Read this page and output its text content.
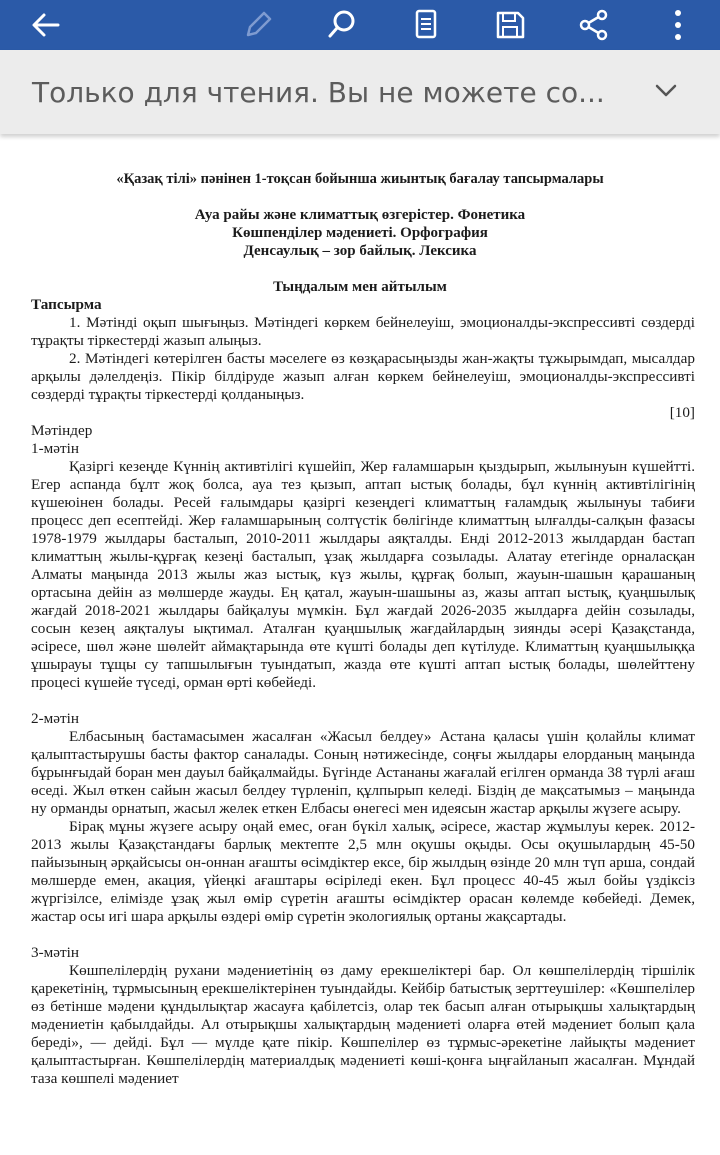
Только для чтения. Вы не можете со...
«Қазақ тілі» пәнінен 1-тоқсан бойынша жиынтық бағалау тапсырмалары
Ауа райы және климаттық өзгерістер. Фонетика
Көшпенділер мәдениеті. Орфография
Денсаулық – зор байлық. Лексика
Тыңдалым мен айтылым

Тапсырма

1. Мәтінді оқып шығыңыз. Мәтіндегі көркем бейнелеуіш, эмоционалды-экспрессивті сөздерді тұрақты тіркестерді жазып алыңыз.

2. Мәтіндегі көтерілген басты мәселеге өз көзқарасыңызды жан-жақты тұжырымдап, мысалдар арқылы дәлелдеңіз. Пікір білдіруде жазып алған көркем бейнелеуіш, эмоционалды-экспрессивті сөздерді тұрақты тіркестерді қолданыңыз.

[10]

Мәтіндер

1-мәтін

Қазіргі кезеңде Күннің активтілігі күшейіп, Жер ғаламшарын қыздырып, жылынуын күшейтті. Егер аспанда бұлт жоқ болса, ауа тез қызып, аптап ыстық болады, бұл күннің активтілігінің күшеюінен болады. Ресей ғалымдары қазіргі кезеңдегі климаттың ғаламдық жылынуы табиғи процесс деп есептейді. Жер ғаламшарының солтүстік бөлігінде климаттың ылғалды-салқын фазасы 1978-1979 жылдары басталып, 2010-2011 жылдары аяқталды. Енді 2012-2013 жылдардан бастап климаттың жылы-құрғақ кезеңі басталып, ұзақ жылдарға созылады. Алатау етегінде орналасқан Алматы маңында 2013 жылы жаз ыстық, күз жылы, құрғақ болып, жауын-шашын қарашаның ортасына дейін аз мөлшерде жауды. Ең қатал, жауын-шашыны аз, жазы аптап ыстық, қуаңшылық жағдай 2018-2021 жылдары байқалуы мүмкін. Бұл жағдай 2026-2035 жылдарға дейін созылады, сосын кезең аяқталуы ықтимал. Аталған қуаңшылық жағдайлардың зиянды әсері Қазақстанда, әсіресе, шөл және шөлейт аймақтарында өте күшті болады деп күтілуде. Климаттың қуаңшылыққа ұшырауы тұщы су тапшылығын туындатып, жазда өте күшті аптап ыстық болады, шөлейттену процесі күшейе түседі, орман өрті көбейеді.

2-мәтін

Елбасының бастамасымен жасалған «Жасыл белдеу» Астана қаласы үшін қолайлы климат қалыптастырушы басты фактор саналады. Соның нәтижесінде, соңғы жылдары елорданың маңында бұрынғыдай боран мен дауыл байқалмайды. Бүгінде Астананы жағалай егілген орманда 38 түрлі ағаш өседі. Жыл өткен сайын жасыл белдеу түрленіп, құлпырып келеді. Біздің де мақсатымыз – маңында ну орманды орнатып, жасыл желек еткен Елбасы өнегесі мен идеясын жастар арқылы жүзеге асыру.

Бірақ мұны жүзеге асыру оңай емес, оған бүкіл халық, әсіресе, жастар жұмылуы керек. 2012-2013 жылы Қазақстандағы барлық мектепте 2,5 млн оқушы оқыды. Осы оқушылардың 45-50 пайызының әрқайсысы он-оннан ағашты өсімдіктер ексе, бір жылдың өзінде 20 млн түп арша, сондай мөлшерде емен, акация, үйеңкі ағаштары өсіріледі екен. Бұл процесс 40-45 жыл бойы үздіксіз жүргізілсе, елімізде ұзақ жыл өмір сүретін ағашты өсімдіктер орасан көлемде көбейеді. Демек, жастар осы игі шара арқылы өздері өмір сүретін экологиялық ортаны жақсартады.

3-мәтін

Көшпелілердің рухани мәдениетінің өз даму ерекшеліктері бар. Ол көшпелілердің тіршілік қарекетінің, тұрмысының ерекшеліктерінен туындайды. Кейбір батыстық зерттеушілер: «Көшпелілер өз бетінше мәдени құндылықтар жасауға қабілетсіз, олар тек басып алған отырықшы халықтардың мәдениетін қабылдайды. Ал отырықшы халықтардың мәдениеті оларға өтей мәдениет болып қала береді», — дейді. Бұл — мүлде қате пікір. Көшпелілер өз тұрмыс-әрекетіне лайықты мәдениет қалыптастырған. Көшпелілердің материалдық мәдениеті көші-қонға ыңғайланып жасалған. Мұндай таза көшпелі мәдениет
